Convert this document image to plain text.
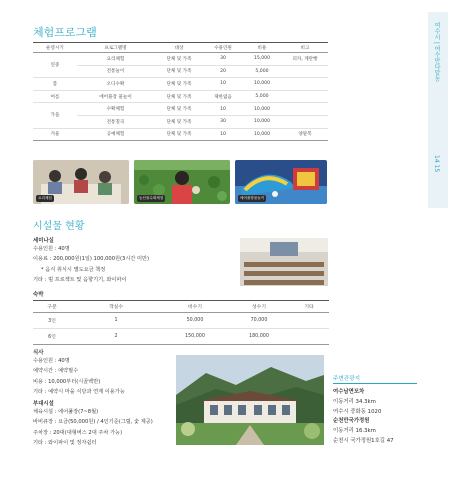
체험프로그램
운영시기	프로그램명	대상	수용인원	비용	비고
연중	요리체험	단체 및 가족	30	15,000	피자, 계란빵
	전통놀이	단체 및 가족	20	5,000	
봄	오디수확	단체 및 가족	10	10,000	
여름	에어풀장 물놀이	단체 및 가족	제한없음	5,000	
가을	수확체험	단체 및 가족	10	10,000	
	전통칠곡	단체 및 가족	30	10,000	
겨울	공예체험	단체 및 가족	10	10,000	양말복
요리체험	농산물수확체험	에어풀장물놀이
여수시 | 여수만다알농
14 15
시설물 현황
세미나실
수용인원 : 40명
이용료 : 200,000원(1일) 100,000원(3시간 미만)
* 음식 취식시 별도요금 책정
기타 : 빔 프로젝트 및 음향기기, 와이파이
숙박
구분	객실수	비수기	성수기	기타
3인	1	50,000	70,000	
6인	2	150,000	180,000	
식사
수용인원 : 40명
예약시간 : 예약필수
비용 : 10,000부터(시골백반)
기타 : 예약시 마을 식당과 연계 이용가능
부대시설
체육시설 : 에어풀장(7~8월)
바비큐장 : 요금(50,000원) / 4인기준(그릴, 숯 제공)
주차장 : 20대(대형버스 2대 주차 가능)
기타 : 와이파이 및 정자쉼터
주변관광지
여수남면포차
이동거리 34.3km
여수시 중화동 1020
순천만국가정원
이동거리 16.3km
순천시 국가정원1호길 47
